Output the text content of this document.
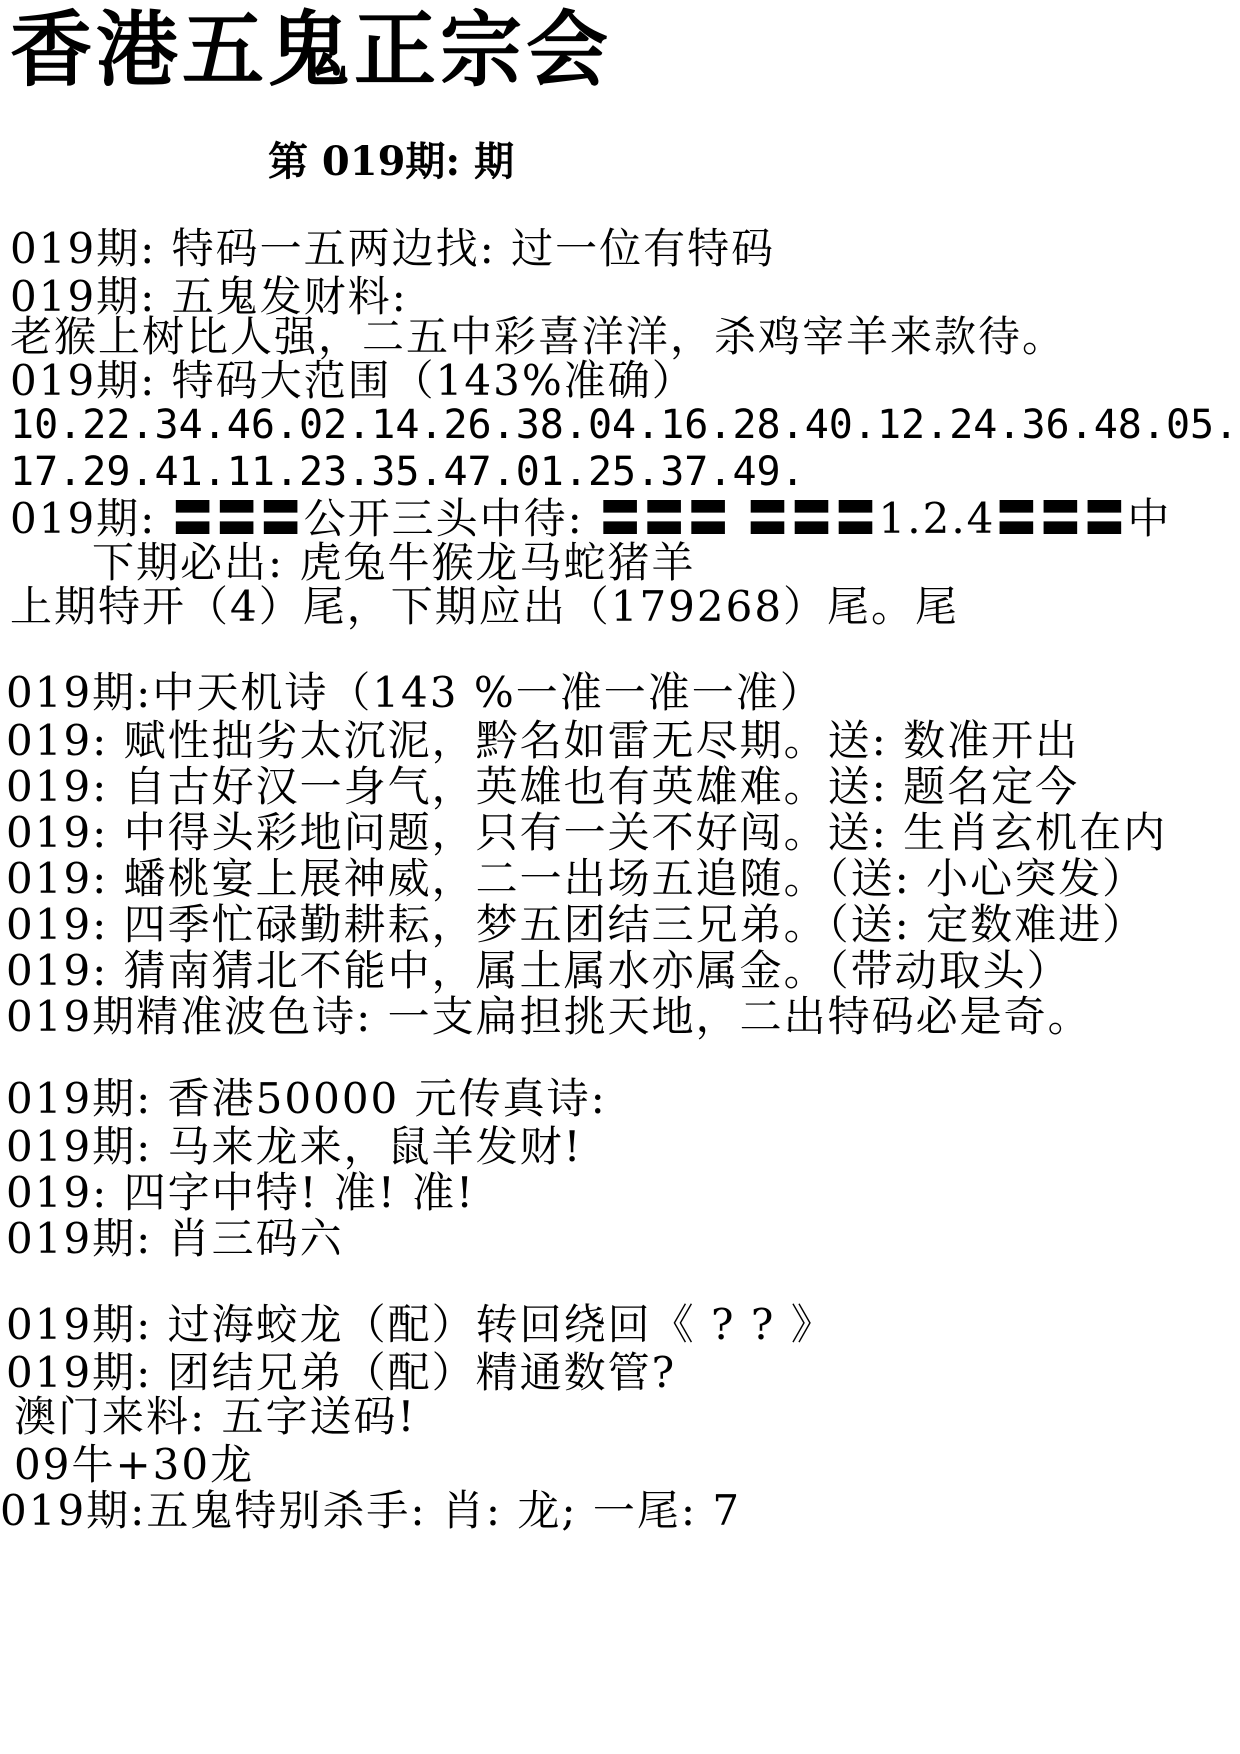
香港五鬼正宗会
第 019期: 期
019期: 特码一五两边找: 过一位有特码
019期: 五鬼发财料:
老猴上树比人强，二五中彩喜洋洋，杀鸡宰羊来款待。
019期: 特码大范围（143%准确）
10.22.34.46.02.14.26.38.04.16.28.40.12.24.36.48.05.
17.29.41.11.23.35.47.01.25.37.49.
019期: 〓〓〓公开三头中待: 〓〓〓 〓〓〓1.2.4〓〓〓中
下期必出: 虎兔牛猴龙马蛇猪羊
上期特开（4）尾，下期应出（179268）尾。尾
019期:中天机诗（143 %一准一准一准）
019: 赋性拙劣太沉泥，黔名如雷无尽期。送: 数准开出
019: 自古好汉一身气，英雄也有英雄难。送: 题名定今
019: 中得头彩地问题，只有一关不好闯。送: 生肖玄机在内
019: 蟠桃宴上展神威，二一出场五追随。（送: 小心突发）
019: 四季忙碌勤耕耘，梦五团结三兄弟。（送: 定数难进）
019: 猜南猜北不能中，属土属水亦属金。（带动取头）
019期精准波色诗: 一支扁担挑天地，二出特码必是奇。
019期: 香港50000 元传真诗:
019期: 马来龙来，鼠羊发财!
019: 四字中特! 准! 准!
019期: 肖三码六
019期: 过海蛟龙（配）转回绕回《 ? ? 》
019期: 团结兄弟（配）精通数管?
澳门来料: 五字送码!
09牛+30龙
019期:五鬼特别杀手: 肖: 龙; 一尾: 7
